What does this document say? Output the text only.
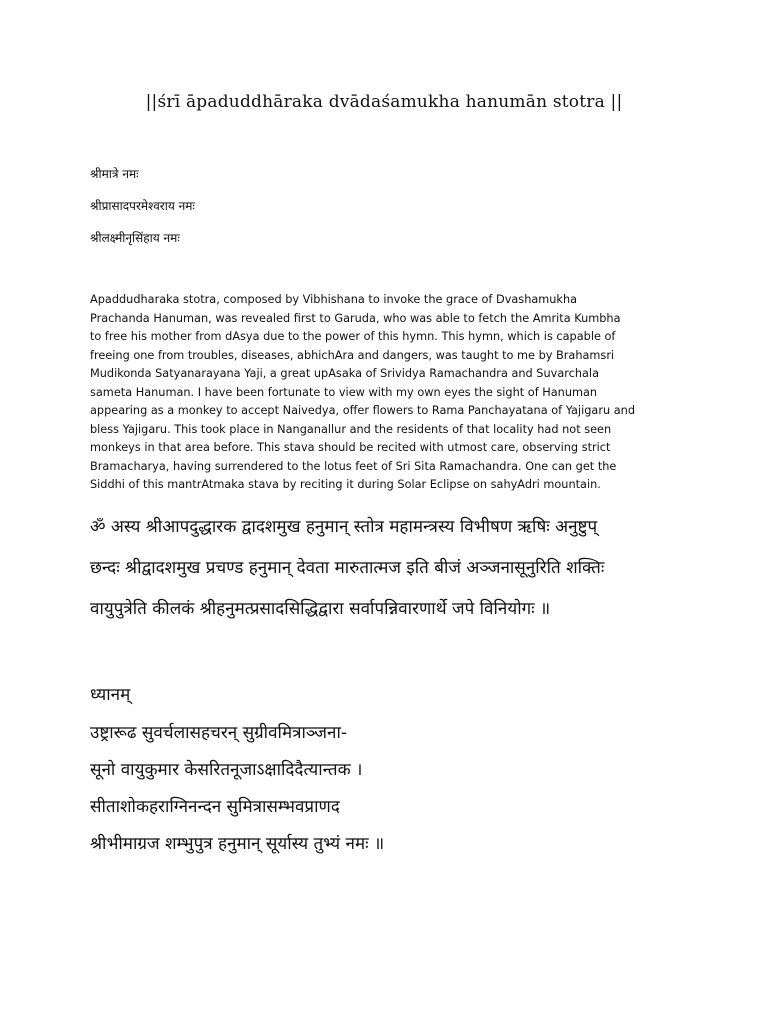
||śrī āpaduddhāraka dvādaśamukha hanumān stotra ||
श्रीमात्रे नमः
श्रीप्रासादपरमेश्वराय नमः
श्रीलक्ष्मीनृसिंहाय नमः
Apaddudharaka stotra, composed by Vibhishana to invoke the grace of Dvashamukha
Prachanda Hanuman, was revealed first to Garuda, who was able to fetch the Amrita Kumbha
to free his mother from dAsya due to the power of this hymn. This hymn, which is capable of
freeing one from troubles, diseases, abhichAra and dangers, was taught to me by Brahamsri
Mudikonda Satyanarayana Yaji, a great upAsaka of Srividya Ramachandra and Suvarchala
sameta Hanuman. I have been fortunate to view with my own eyes the sight of Hanuman
appearing as a monkey to accept Naivedya, offer flowers to Rama Panchayatana of Yajigaru and
bless Yajigaru. This took place in Nanganallur and the residents of that locality had not seen
monkeys in that area before. This stava should be recited with utmost care, observing strict
Bramacharya, having surrendered to the lotus feet of Sri Sita Ramachandra. One can get the
Siddhi of this mantrAtmaka stava by reciting it during Solar Eclipse on sahyAdri mountain.
ॐ अस्य श्रीआपदुद्धारक द्वादशमुख हनुमान् स्तोत्र महामन्त्रस्य विभीषण ऋषिः अनुष्टुप्
छन्दः श्रीद्वादशमुख प्रचण्ड हनुमान् देवता मारुतात्मज इति बीजं अञ्जनासूनुरिति शक्तिः
वायुपुत्रेति कीलकं श्रीहनुमत्प्रसादसिद्धिद्वारा सर्वापन्निवारणार्थे जपे विनियोगः ॥
ध्यानम्
उष्ट्रारूढ सुवर्चलासहचरन् सुग्रीवमित्राञ्जना-
सूनो वायुकुमार केसरितनूजाऽक्षादिदैत्यान्तक ।
सीताशोकहराग्निनन्दन सुमित्रासम्भवप्राणद
श्रीभीमाग्रज शम्भुपुत्र हनुमान् सूर्यास्य तुभ्यं नमः ॥
